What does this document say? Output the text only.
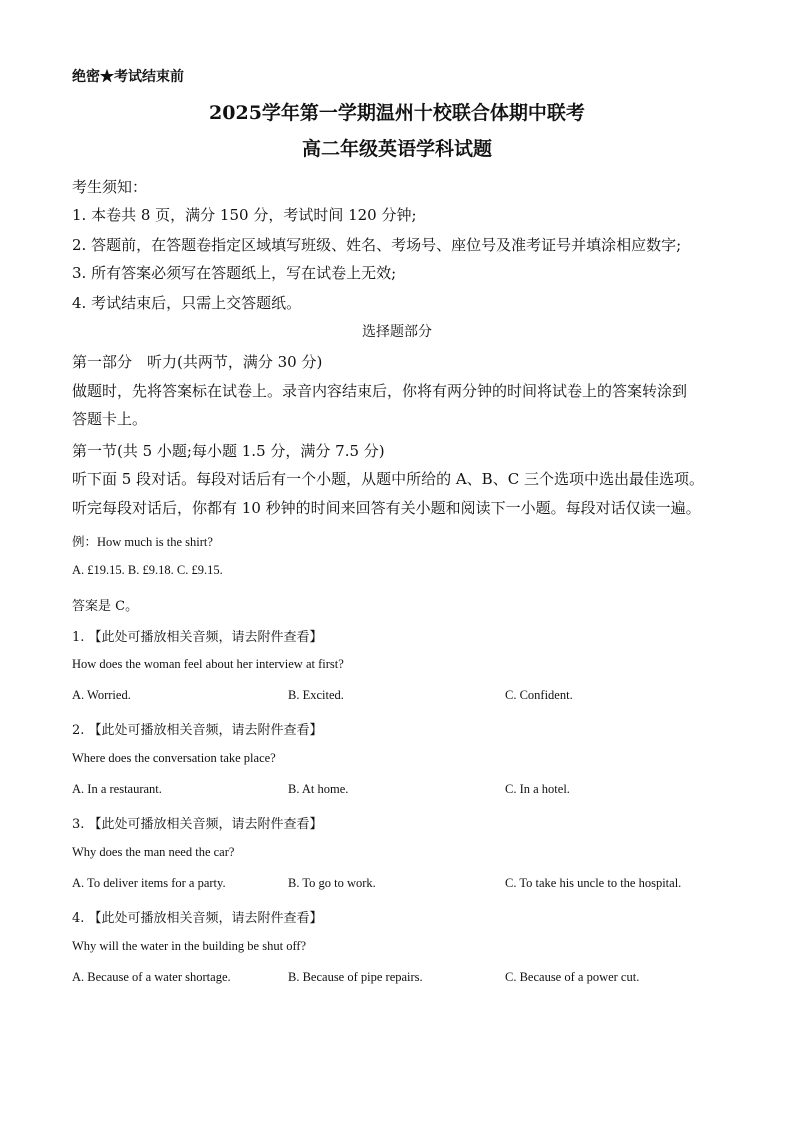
绝密★考试结束前
2025学年第一学期温州十校联合体期中联考
高二年级英语学科试题
考生须知：
1. 本卷共 8 页，满分 150 分，考试时间 120 分钟;
2. 答题前，在答题卷指定区域填写班级、姓名、考场号、座位号及准考证号并填涂相应数字;
3. 所有答案必须写在答题纸上，写在试卷上无效;
4. 考试结束后，只需上交答题纸。
选择题部分
第一部分　听力(共两节，满分 30 分)
做题时，先将答案标在试卷上。录音内容结束后，你将有两分钟的时间将试卷上的答案转涂到
答题卡上。
第一节(共 5 小题;每小题 1.5 分，满分 7.5 分)
听下面 5 段对话。每段对话后有一个小题，从题中所给的 A、B、C 三个选项中选出最佳选项。
听完每段对话后，你都有 10 秒钟的时间来回答有关小题和阅读下一小题。每段对话仅读一遍。
例：How much is the shirt?
A. £19.15. B. £9.18. C. £9.15.
答案是 C。
1. 【此处可播放相关音频，请去附件查看】
How does the woman feel about her interview at first?
A. Worried.	B. Excited.	C. Confident.
2. 【此处可播放相关音频，请去附件查看】
Where does the conversation take place?
A. In a restaurant.	B. At home.	C. In a hotel.
3. 【此处可播放相关音频，请去附件查看】
Why does the man need the car?
A. To deliver items for a party.	B. To go to work.	C. To take his uncle to the hospital.
4. 【此处可播放相关音频，请去附件查看】
Why will the water in the building be shut off?
A. Because of a water shortage.	B. Because of pipe repairs.	C. Because of a power cut.
